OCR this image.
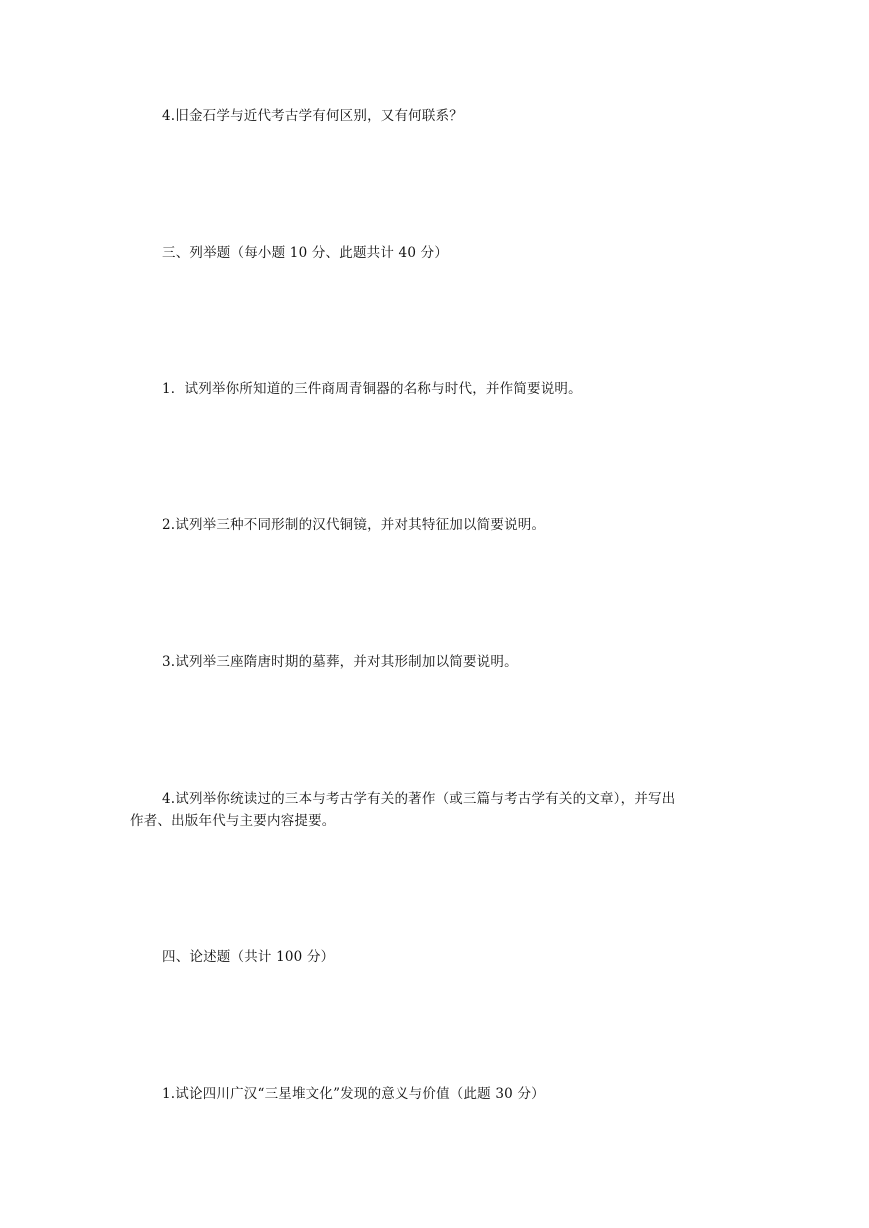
4.旧金石学与近代考古学有何区别，又有何联系？
三、列举题（每小题 10 分、此题共计 40 分）
1．试列举你所知道的三件商周青铜器的名称与时代，并作简要说明。
2.试列举三种不同形制的汉代铜镜，并对其特征加以简要说明。
3.试列举三座隋唐时期的墓葬，并对其形制加以简要说明。
4.试列举你统读过的三本与考古学有关的著作（或三篇与考古学有关的文章），并写出
作者、出版年代与主要内容提要。
四、论述题（共计 100 分）
1.试论四川广汉“三星堆文化”发现的意义与价值（此题 30 分）
